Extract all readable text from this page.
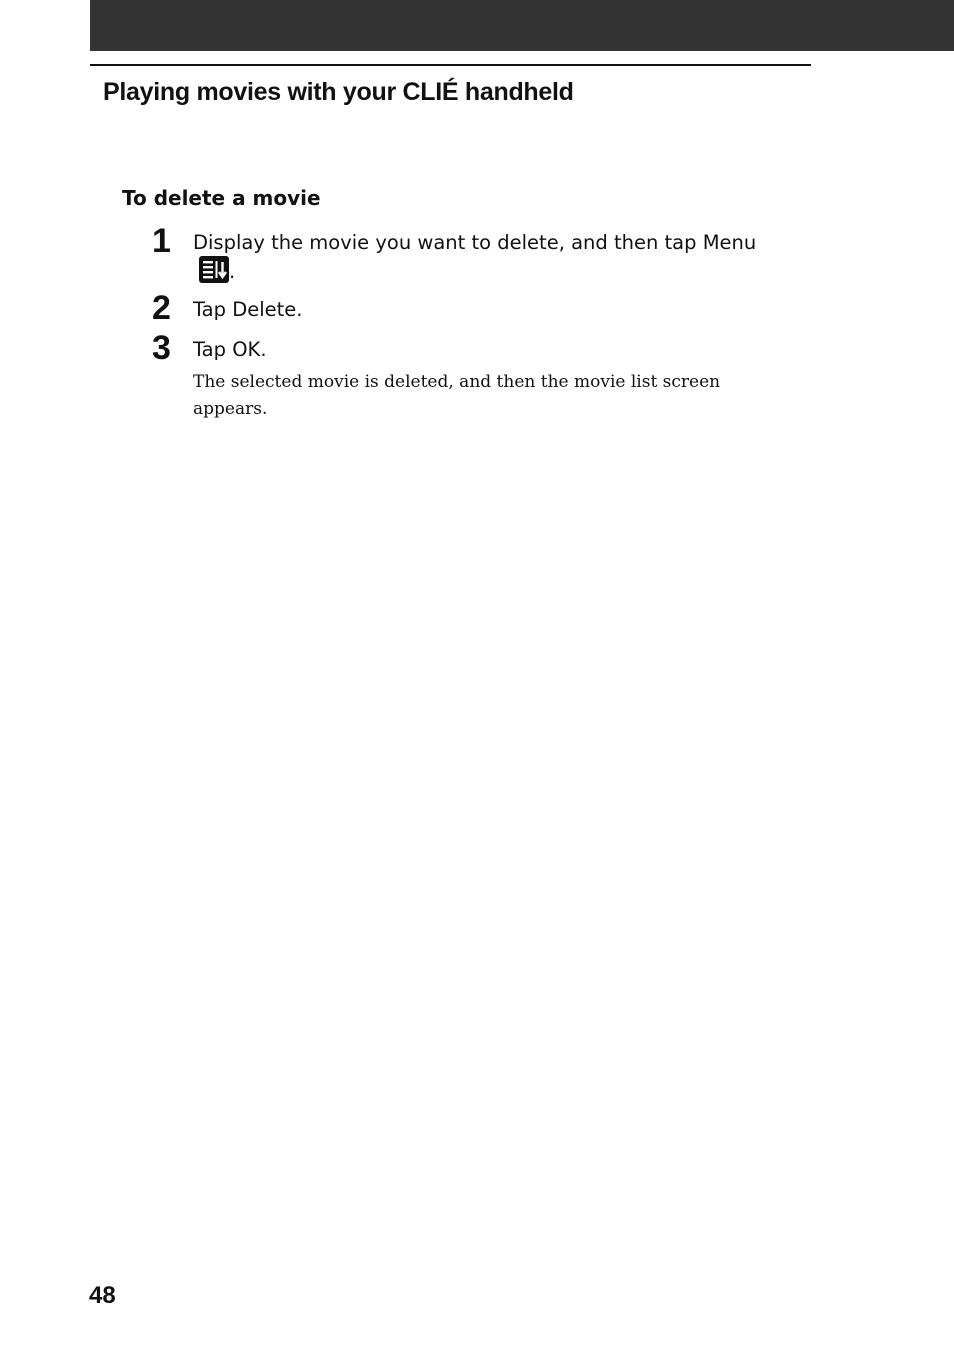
Playing movies with your CLIÉ handheld
To delete a movie
1	Display the movie you want to delete, and then tap Menu.

2	Tap Delete.

3	Tap OK.

The selected movie is deleted, and then the movie list screen appears.

48
